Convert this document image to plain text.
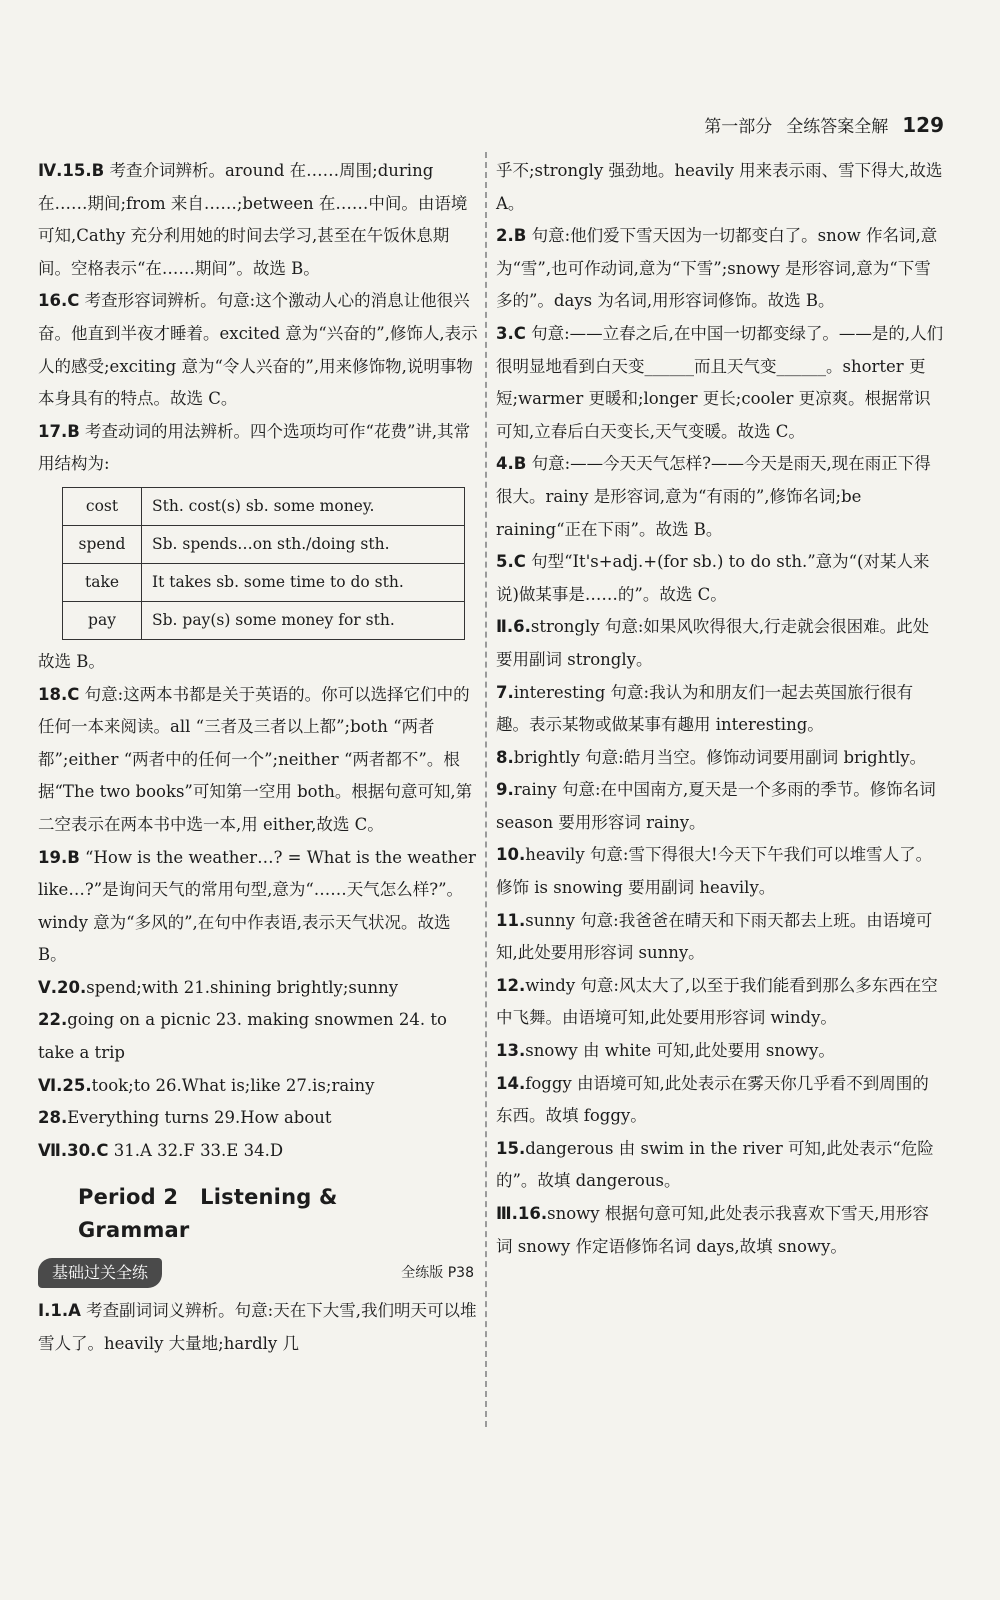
第一部分 全练答案全解 129

Ⅳ.15.B 考查介词辨析。around 在……周围;during 在……期间;from 来自……;between 在……中间。由语境可知,Cathy 充分利用她的时间去学习,甚至在午饭休息期间。空格表示“在……期间”。故选 B。

16.C 考查形容词辨析。句意:这个激动人心的消息让他很兴奋。他直到半夜才睡着。excited 意为“兴奋的”,修饰人,表示人的感受;exciting 意为“令人兴奋的”,用来修饰物,说明事物本身具有的特点。故选 C。

17.B 考查动词的用法辨析。四个选项均可作“花费”讲,其常用结构为:

cost	Sth. cost(s) sb. some money.
spend	Sb. spends…on sth./doing sth.
take	It takes sb. some time to do sth.
pay	Sb. pay(s) some money for sth.

故选 B。

18.C 句意:这两本书都是关于英语的。你可以选择它们中的任何一本来阅读。all “三者及三者以上都”;both “两者都”;either “两者中的任何一个”;neither “两者都不”。根据“The two books”可知第一空用 both。根据句意可知,第二空表示在两本书中选一本,用 either,故选 C。

19.B “How is the weather…? = What is the weather like…?”是询问天气的常用句型,意为“……天气怎么样?”。windy 意为“多风的”,在句中作表语,表示天气状况。故选 B。

Ⅴ.20.spend;with 21.shining brightly;sunny

22.going on a picnic 23. making snowmen 24. to take a trip

Ⅵ.25.took;to 26.What is;like 27.is;rainy

28.Everything turns 29.How about

Ⅶ.30.C 31.A 32.F 33.E 34.D

Period 2 Listening & Grammar
基础过关全练	全练版 P38

Ⅰ.1.A 考查副词词义辨析。句意:天在下大雪,我们明天可以堆雪人了。heavily 大量地;hardly 几

乎不;strongly 强劲地。heavily 用来表示雨、雪下得大,故选 A。

2.B 句意:他们爱下雪天因为一切都变白了。snow 作名词,意为“雪”,也可作动词,意为“下雪”;snowy 是形容词,意为“下雪多的”。days 为名词,用形容词修饰。故选 B。

3.C 句意:——立春之后,在中国一切都变绿了。——是的,人们很明显地看到白天变______而且天气变______。shorter 更短;warmer 更暖和;longer 更长;cooler 更凉爽。根据常识可知,立春后白天变长,天气变暖。故选 C。

4.B 句意:——今天天气怎样?——今天是雨天,现在雨正下得很大。rainy 是形容词,意为“有雨的”,修饰名词;be raining“正在下雨”。故选 B。

5.C 句型“It's+adj.+(for sb.) to do sth.”意为“(对某人来说)做某事是……的”。故选 C。

Ⅱ.6.strongly 句意:如果风吹得很大,行走就会很困难。此处要用副词 strongly。

7.interesting 句意:我认为和朋友们一起去英国旅行很有趣。表示某物或做某事有趣用 interesting。

8.brightly 句意:皓月当空。修饰动词要用副词 brightly。

9.rainy 句意:在中国南方,夏天是一个多雨的季节。修饰名词 season 要用形容词 rainy。

10.heavily 句意:雪下得很大!今天下午我们可以堆雪人了。修饰 is snowing 要用副词 heavily。

11.sunny 句意:我爸爸在晴天和下雨天都去上班。由语境可知,此处要用形容词 sunny。

12.windy 句意:风太大了,以至于我们能看到那么多东西在空中飞舞。由语境可知,此处要用形容词 windy。

13.snowy 由 white 可知,此处要用 snowy。

14.foggy 由语境可知,此处表示在雾天你几乎看不到周围的东西。故填 foggy。

15.dangerous 由 swim in the river 可知,此处表示“危险的”。故填 dangerous。

Ⅲ.16.snowy 根据句意可知,此处表示我喜欢下雪天,用形容词 snowy 作定语修饰名词 days,故填 snowy。
